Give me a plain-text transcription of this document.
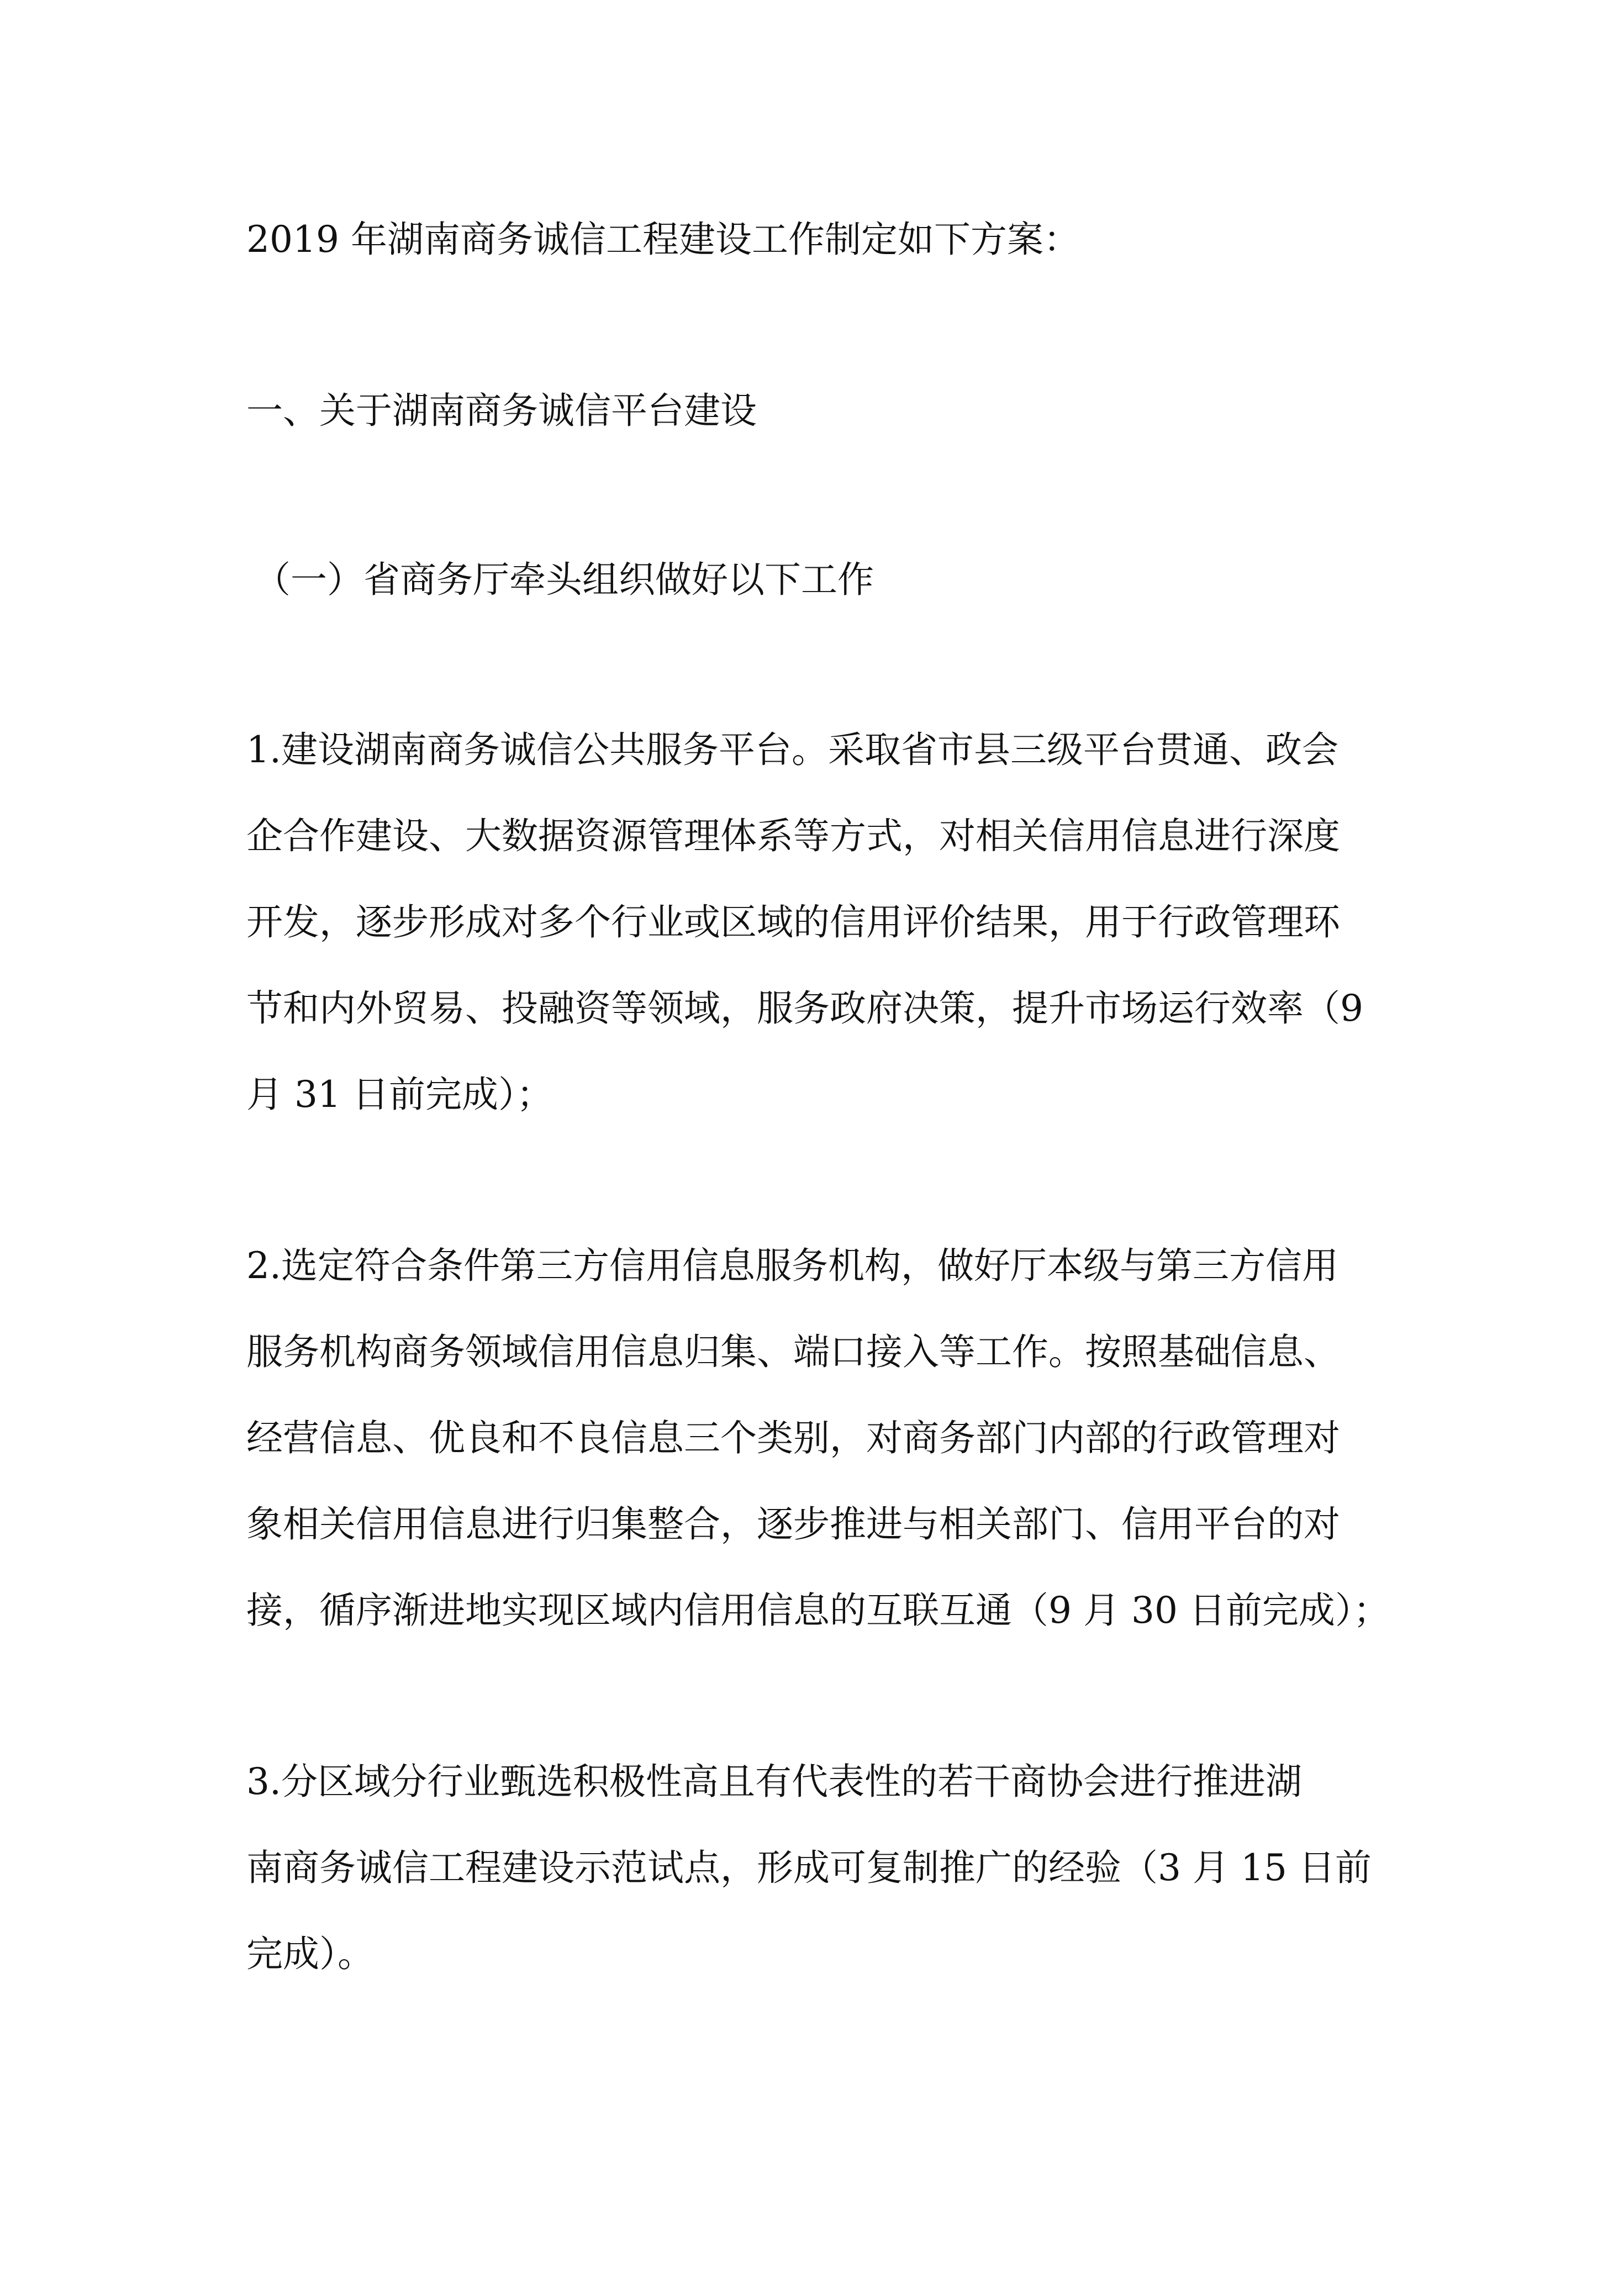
2019 年湖南商务诚信工程建设工作制定如下方案：
一、关于湖南商务诚信平台建设
（一）省商务厅牵头组织做好以下工作
1.建设湖南商务诚信公共服务平台。采取省市县三级平台贯通、政会
企合作建设、大数据资源管理体系等方式，对相关信用信息进行深度
开发，逐步形成对多个行业或区域的信用评价结果，用于行政管理环
节和内外贸易、投融资等领域，服务政府决策，提升市场运行效率（9
月 31 日前完成）；
2.选定符合条件第三方信用信息服务机构，做好厅本级与第三方信用
服务机构商务领域信用信息归集、端口接入等工作。按照基础信息、
经营信息、优良和不良信息三个类别，对商务部门内部的行政管理对
象相关信用信息进行归集整合，逐步推进与相关部门、信用平台的对
接，循序渐进地实现区域内信用信息的互联互通（9 月 30 日前完成）；
3.分区域分行业甄选积极性高且有代表性的若干商协会进行推进湖
南商务诚信工程建设示范试点，形成可复制推广的经验（3 月 15 日前
完成）。
